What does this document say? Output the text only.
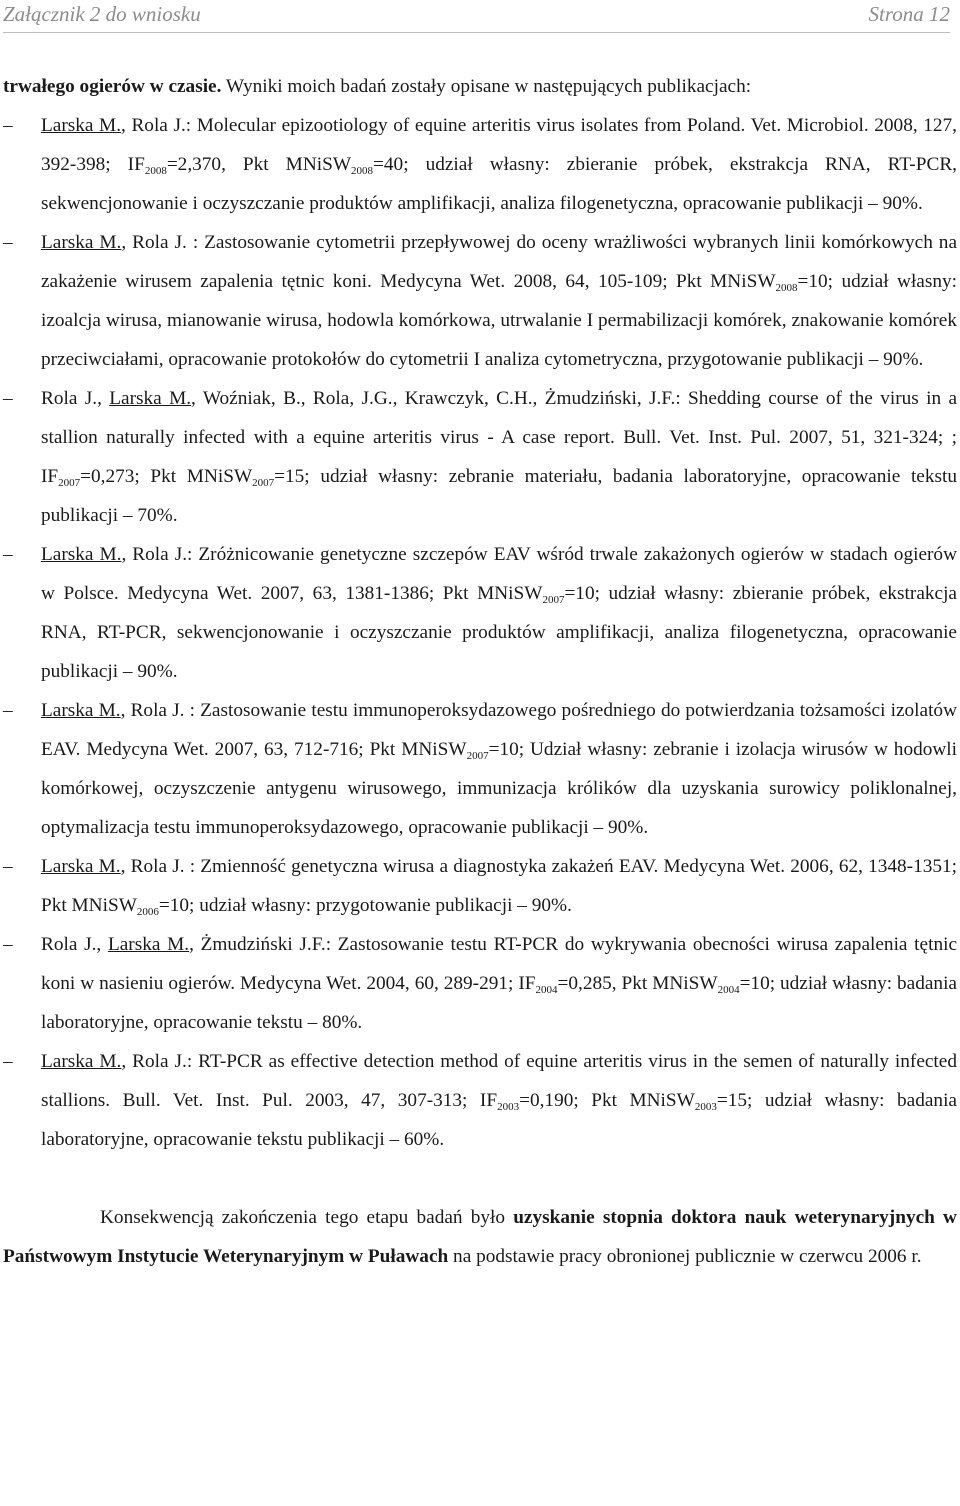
Załącznik 2 do wniosku	Strona 12

trwałego ogierów w czasie. Wyniki moich badań zostały opisane w następujących publikacjach:

– Larska M., Rola J.: Molecular epizootiology of equine arteritis virus isolates from Poland. Vet. Microbiol. 2008, 127, 392-398; $IF_{2008}=2,370$, Pkt MNiSW$_{2008}$=40; udział własny: zbieranie próbek, ekstrakcja RNA, RT-PCR, sekwencjonowanie i oczyszczanie produktów amplifikacji, analiza filogenetyczna, opracowanie publikacji – 90%.
– Larska M., Rola J. : Zastosowanie cytometrii przepływowej do oceny wrażliwości wybranych linii komórkowych na zakażenie wirusem zapalenia tętnic koni. Medycyna Wet. 2008, 64, 105-109; Pkt MNiSW$_{2008}$=10; udział własny: izoalcja wirusa, mianowanie wirusa, hodowla komórkowa, utrwalanie I permabilizacji komórek, znakowanie komórek przeciwciałami, opracowanie protokołów do cytometrii I analiza cytometryczna, przygotowanie publikacji – 90%.
– Rola J., Larska M., Woźniak, B., Rola, J.G., Krawczyk, C.H., Żmudziński, J.F.: Shedding course of the virus in a stallion naturally infected with a equine arteritis virus - A case report. Bull. Vet. Inst. Pul. 2007, 51, 321-324; ; $IF_{2007}=0,273$; Pkt MNiSW$_{2007}$=15; udział własny: zebranie materiału, badania laboratoryjne, opracowanie tekstu publikacji – 70%.
– Larska M., Rola J.: Zróżnicowanie genetyczne szczepów EAV wśród trwale zakażonych ogierów w stadach ogierów w Polsce. Medycyna Wet. 2007, 63, 1381-1386; Pkt MNiSW$_{2007}$=10; udział własny: zbieranie próbek, ekstrakcja RNA, RT-PCR, sekwencjonowanie i oczyszczanie produktów amplifikacji, analiza filogenetyczna, opracowanie publikacji – 90%.
– Larska M., Rola J. : Zastosowanie testu immunoperoksydazowego pośredniego do potwierdzania tożsamości izolatów EAV. Medycyna Wet. 2007, 63, 712-716; Pkt MNiSW$_{2007}$=10; Udział własny: zebranie i izolacja wirusów w hodowli komórkowej, oczyszczenie antygenu wirusowego, immunizacja królików dla uzyskania surowicy poliklonalnej, optymalizacja testu immunoperoksydazowego, opracowanie publikacji – 90%.
– Larska M., Rola J. : Zmienność genetyczna wirusa a diagnostyka zakażeń EAV. Medycyna Wet. 2006, 62, 1348-1351; Pkt MNiSW$_{2006}$=10; udział własny: przygotowanie publikacji – 90%.
– Rola J., Larska M., Żmudziński J.F.: Zastosowanie testu RT-PCR do wykrywania obecności wirusa zapalenia tętnic koni w nasieniu ogierów. Medycyna Wet. 2004, 60, 289-291; $IF_{2004}=0,285$, Pkt MNiSW$_{2004}$=10; udział własny: badania laboratoryjne, opracowanie tekstu – 80%.
– Larska M., Rola J.: RT-PCR as effective detection method of equine arteritis virus in the semen of naturally infected stallions. Bull. Vet. Inst. Pul. 2003, 47, 307-313; $IF_{2003}=0,190$; Pkt MNiSW$_{2003}$=15; udział własny: badania laboratoryjne, opracowanie tekstu publikacji – 60%.

Konsekwencją zakończenia tego etapu badań było uzyskanie stopnia doktora nauk weterynaryjnych w Państwowym Instytucie Weterynaryjnym w Puławach na podstawie pracy obronionej publicznie w czerwcu 2006 r.
